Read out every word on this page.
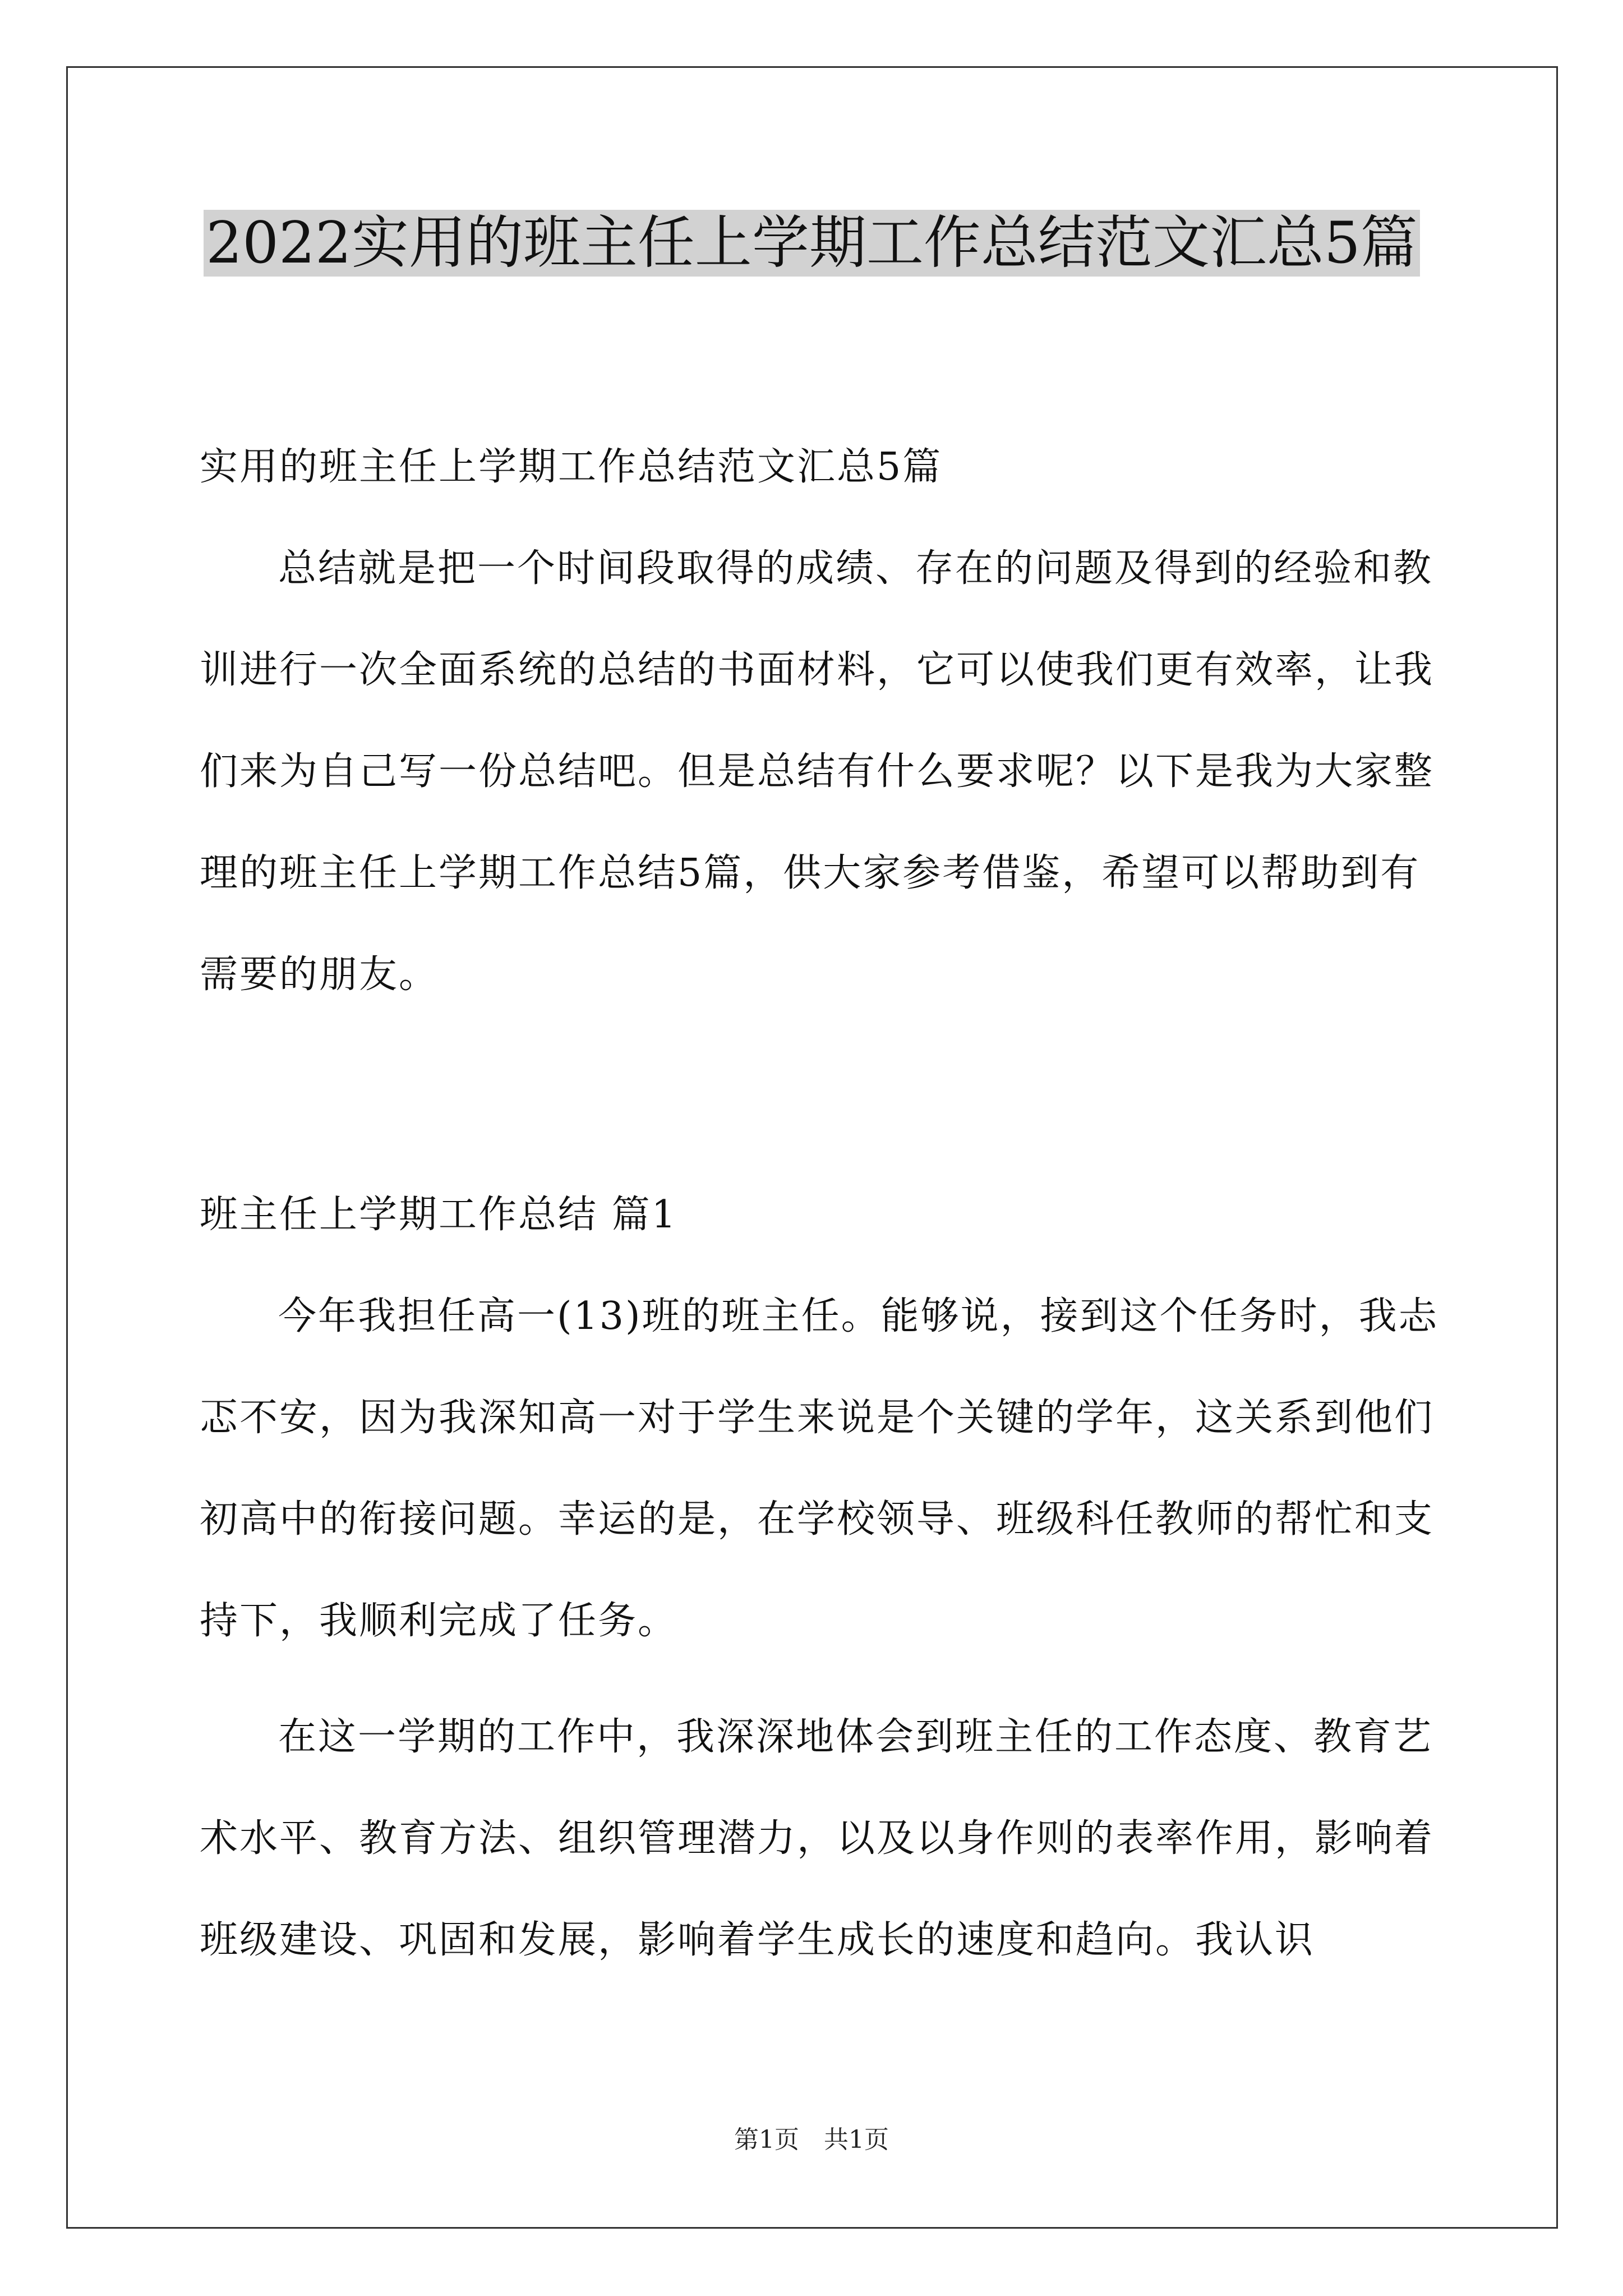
2022实用的班主任上学期工作总结范文汇总5篇

实用的班主任上学期工作总结范文汇总5篇

总结就是把一个时间段取得的成绩、存在的问题及得到的经验和教训进行一次全面系统的总结的书面材料，它可以使我们更有效率，让我们来为自己写一份总结吧。但是总结有什么要求呢？以下是我为大家整理的班主任上学期工作总结5篇，供大家参考借鉴，希望可以帮助到有需要的朋友。

班主任上学期工作总结 篇1

今年我担任高一(13)班的班主任。能够说，接到这个任务时，我忐忑不安，因为我深知高一对于学生来说是个关键的学年，这关系到他们初高中的衔接问题。幸运的是，在学校领导、班级科任教师的帮忙和支持下，我顺利完成了任务。

在这一学期的工作中，我深深地体会到班主任的工作态度、教育艺术水平、教育方法、组织管理潜力，以及以身作则的表率作用，影响着班级建设、巩固和发展，影响着学生成长的速度和趋向。我认识

第1页　共1页
